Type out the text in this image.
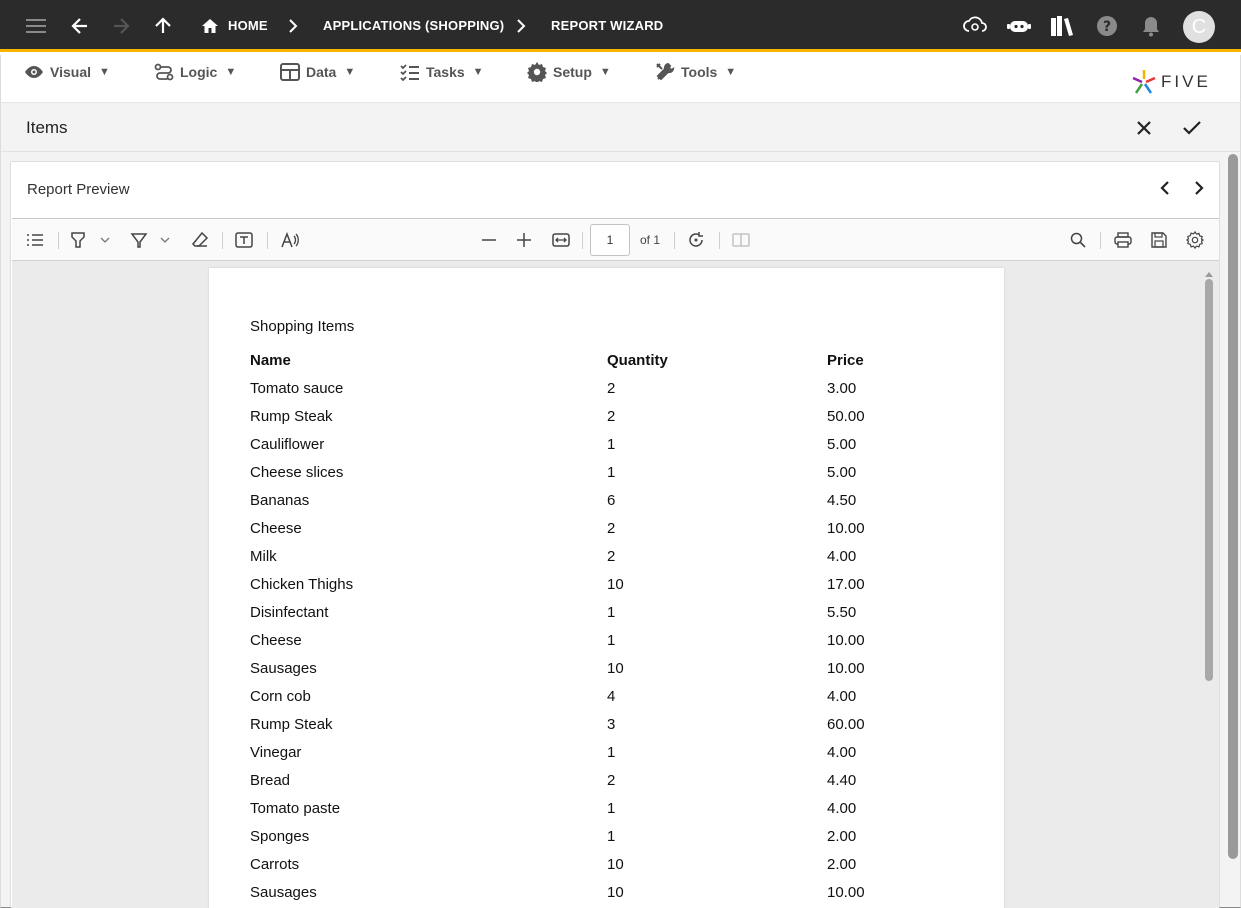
HOME	APPLICATIONS (SHOPPING)	REPORT WIZARD	?	C
Visual ▼	Logic ▼	Data ▼	Tasks ▼	Setup ▼	Tools ▼	FIVE
Items
Report Preview
1
of 1
Shopping Items
Name	Quantity	Price
Tomato sauce	2	3.00
Rump Steak	2	50.00
Cauliflower	1	5.00
Cheese slices	1	5.00
Bananas	6	4.50
Cheese	2	10.00
Milk	2	4.00
Chicken Thighs	10	17.00
Disinfectant	1	5.50
Cheese	1	10.00
Sausages	10	10.00
Corn cob	4	4.00
Rump Steak	3	60.00
Vinegar	1	4.00
Bread	2	4.40
Tomato paste	1	4.00
Sponges	1	2.00
Carrots	10	2.00
Sausages	10	10.00
